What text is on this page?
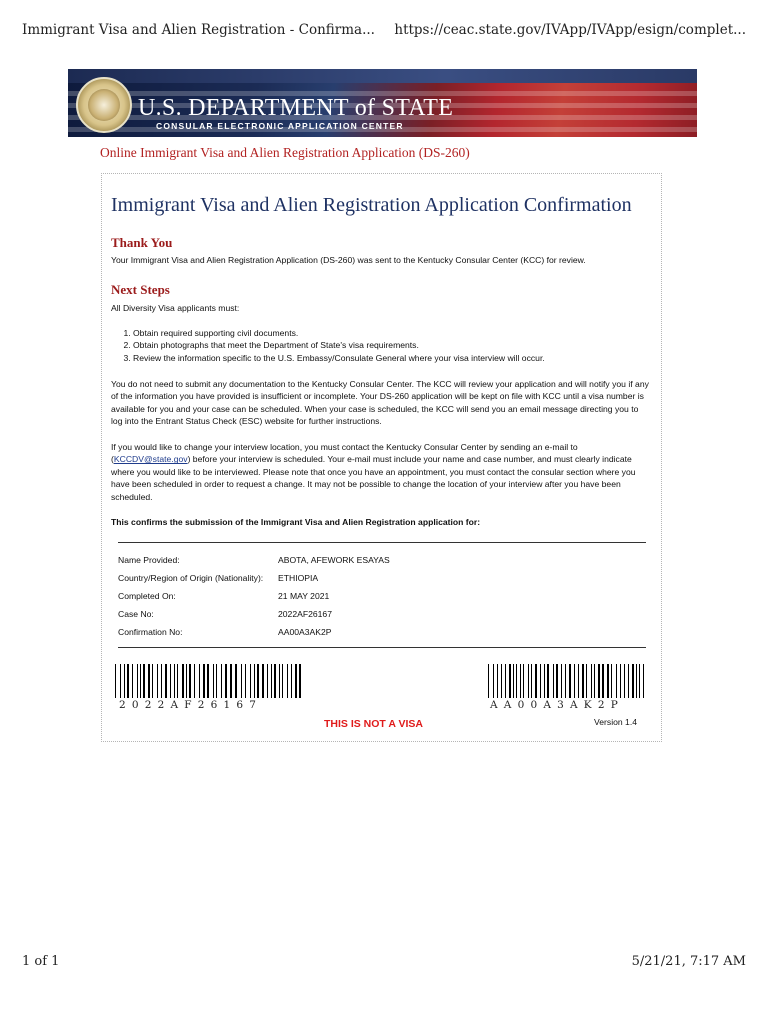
Immigrant Visa and Alien Registration - Confirma... https://ceac.state.gov/IVApp/IVApp/esign/complet...
U.S. DEPARTMENT of STATE
CONSULAR ELECTRONIC APPLICATION CENTER
Online Immigrant Visa and Alien Registration Application (DS-260)
Immigrant Visa and Alien Registration Application Confirmation
Thank You

Your Immigrant Visa and Alien Registration Application (DS-260) was sent to the Kentucky Consular Center (KCC) for review.

Next Steps

All Diversity Visa applicants must:

1. Obtain required supporting civil documents.
2. Obtain photographs that meet the Department of State's visa requirements.
3. Review the information specific to the U.S. Embassy/Consulate General where your visa interview will occur.

You do not need to submit any documentation to the Kentucky Consular Center. The KCC will review your application and will notify you if any of the information you have provided is insufficient or incomplete. Your DS-260 application will be kept on file with KCC until a visa number is available for you and your case can be scheduled. When your case is scheduled, the KCC will send you an email message directing you to log into the Entrant Status Check (ESC) website for further instructions.

If you would like to change your interview location, you must contact the Kentucky Consular Center by sending an e-mail to (KCCDV@state.gov) before your interview is scheduled. Your e-mail must include your name and case number, and must clearly indicate where you would like to be interviewed. Please note that once you have an appointment, you must contact the consular section where you have been scheduled in order to request a change. It may not be possible to change the location of your interview after you have been scheduled.

This confirms the submission of the Immigrant Visa and Alien Registration application for:

Name Provided:	ABOTA, AFEWORK ESAYAS
Country/Region of Origin (Nationality): ETHIOPIA
Completed On:	21 MAY 2021
Case No:	2022AF26167
Confirmation No:	AA00A3AK2P
2022AF26167	AA00A3AK2P
THIS IS NOT A VISA	Version 1.4
1 of 1	5/21/21, 7:17 AM
